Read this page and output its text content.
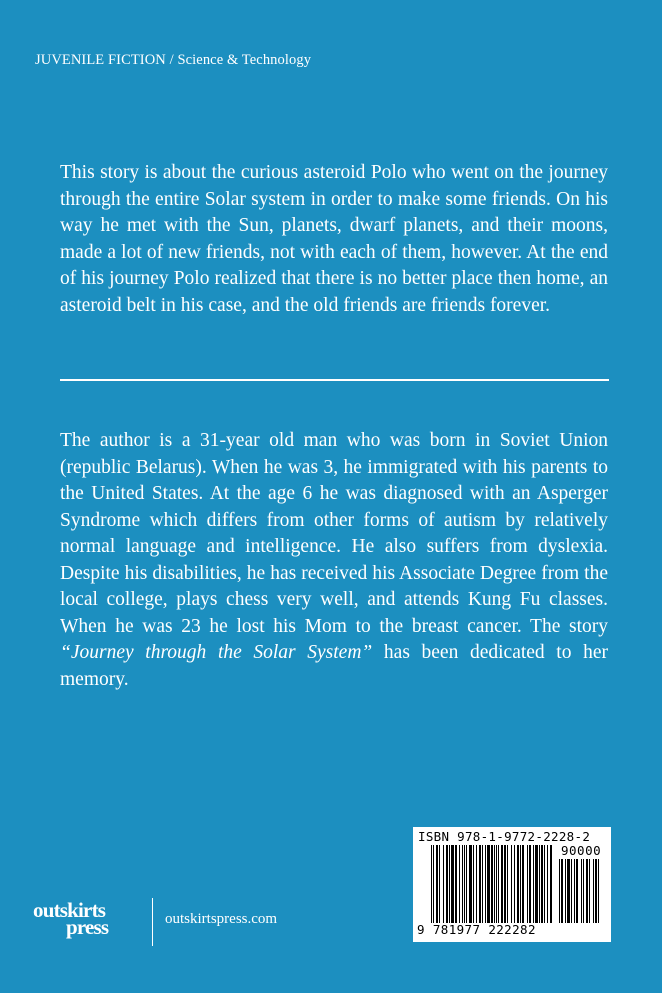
JUVENILE FICTION / Science & Technology

This story is about the curious asteroid Polo who went on the journey through the entire Solar system in order to make some friends. On his way he met with the Sun, planets, dwarf planets, and their moons, made a lot of new friends, not with each of them, however. At the end of his journey Polo realized that there is no better place then home, an asteroid belt in his case, and the old friends are friends forever.

The author is a 31-year old man who was born in Soviet Union (republic Belarus). When he was 3, he immigrated with his parents to the United States. At the age 6 he was diagnosed with an Asperger Syndrome which differs from other forms of autism by relatively normal language and intelligence. He also suffers from dyslexia. Despite his disabilities, he has received his Associate Degree from the local college, plays chess very well, and attends Kung Fu classes. When he was 23 he lost his Mom to the breast cancer. The story “Journey through the Solar System” has been dedicated to her memory.

ISBN 978-1-9772-2228-2
90000
9 781977 222282
outskirts
press	outskirtspress.com
